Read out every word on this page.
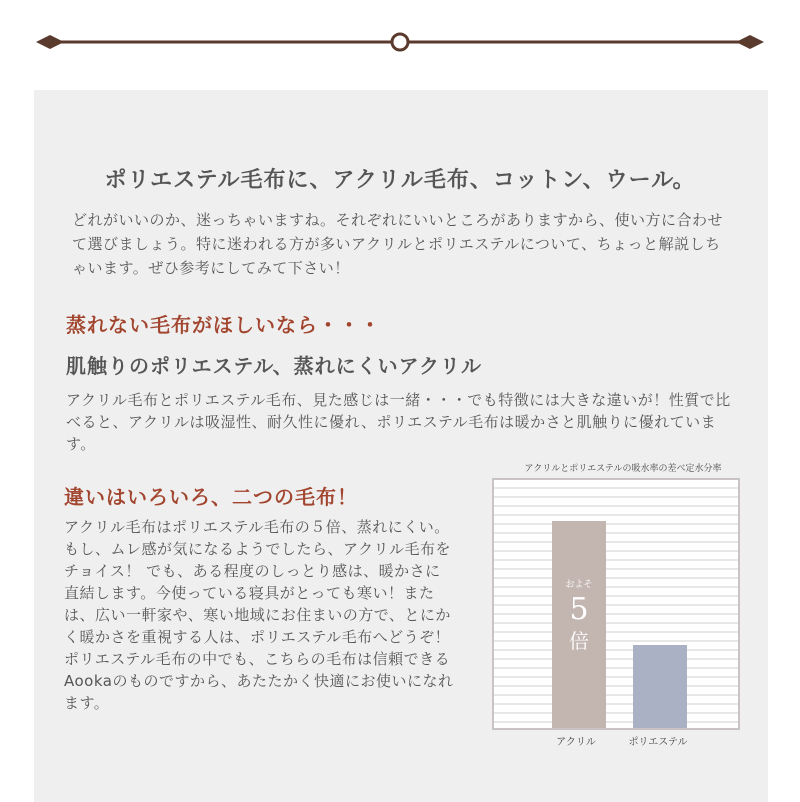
ポリエステル毛布に、アクリル毛布、コットン、ウール。
どれがいいのか、迷っちゃいますね。それぞれにいいところがありますから、使い方に合わせて選びましょう。特に迷われる方が多いアクリルとポリエステルについて、ちょっと解説しちゃいます。ぜひ参考にしてみて下さい！
蒸れない毛布がほしいなら・・・
肌触りのポリエステル、蒸れにくいアクリル
アクリル毛布とポリエステル毛布、見た感じは一緒・・・でも特徴には大きな違いが！性質で比べると、アクリルは吸湿性、耐久性に優れ、ポリエステル毛布は暖かさと肌触りに優れています。
違いはいろいろ、二つの毛布！
アクリル毛布はポリエステル毛布の５倍、蒸れにくい。もし、ムレ感が気になるようでしたら、アクリル毛布をチョイス！ でも、ある程度のしっとり感は、暖かさに直結します。今使っている寝具がとっても寒い！または、広い一軒家や、寒い地域にお住まいの方で、とにかく暖かさを重視する人は、ポリエステル毛布へどうぞ！ポリエステル毛布の中でも、こちらの毛布は信頼できるAookaのものですから、あたたかく快適にお使いになれます。
アクリルとポリエステルの吸水率の差べ定水分率
およそ
5
倍
アクリル	ポリエステル
